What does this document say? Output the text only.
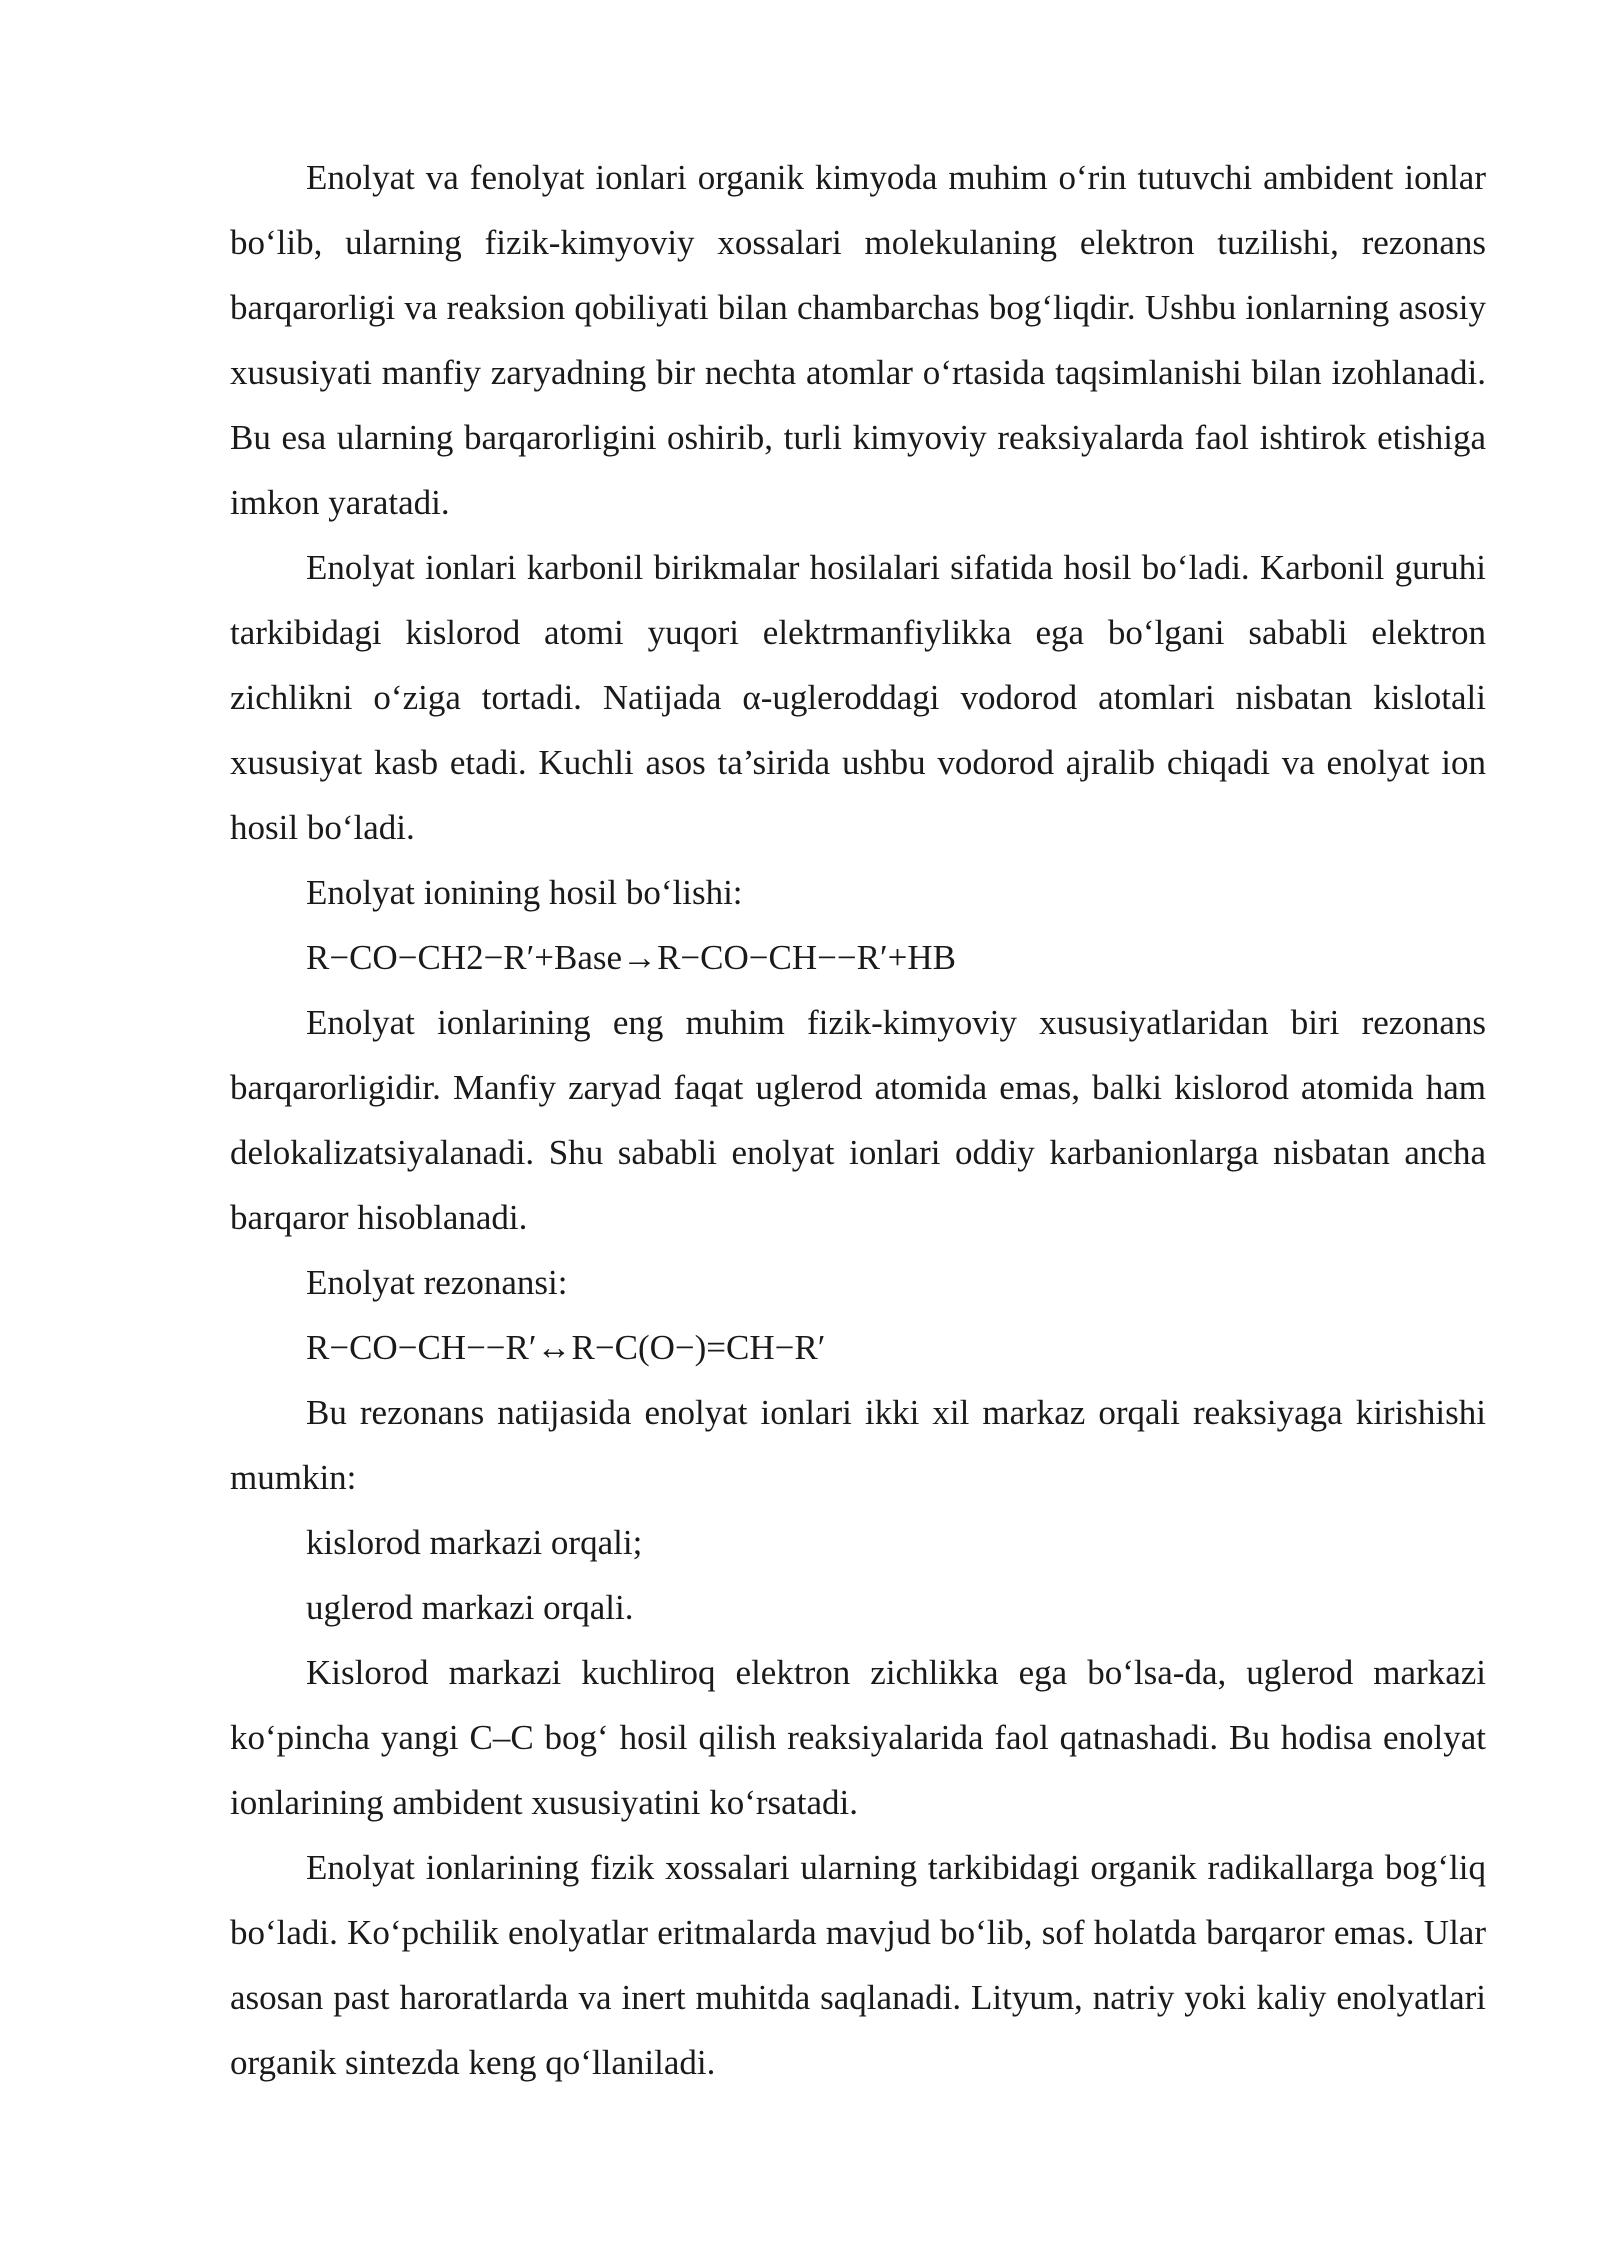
Enolyat va fenolyat ionlari organik kimyoda muhim o‘rin tutuvchi ambident ionlar bo‘lib, ularning fizik-kimyoviy xossalari molekulaning elektron tuzilishi, rezonans barqarorligi va reaksion qobiliyati bilan chambarchas bog‘liqdir. Ushbu ionlarning asosiy xususiyati manfiy zaryadning bir nechta atomlar o‘rtasida taqsimlanishi bilan izohlanadi. Bu esa ularning barqarorligini oshirib, turli kimyoviy reaksiyalarda faol ishtirok etishiga imkon yaratadi.

Enolyat ionlari karbonil birikmalar hosilalari sifatida hosil bo‘ladi. Karbonil guruhi tarkibidagi kislorod atomi yuqori elektrmanfiylikka ega bo‘lgani sababli elektron zichlikni o‘ziga tortadi. Natijada α-ugleroddagi vodorod atomlari nisbatan kislotali xususiyat kasb etadi. Kuchli asos ta’sirida ushbu vodorod ajralib chiqadi va enolyat ion hosil bo‘ladi.

Enolyat ionining hosil bo‘lishi:

R−CO−CH2−R′+Base→R−CO−CH−−R′+HB

Enolyat ionlarining eng muhim fizik-kimyoviy xususiyatlaridan biri rezonans barqarorligidir. Manfiy zaryad faqat uglerod atomida emas, balki kislorod atomida ham delokalizatsiyalanadi. Shu sababli enolyat ionlari oddiy karbanionlarga nisbatan ancha barqaror hisoblanadi.

Enolyat rezonansi:

R−CO−CH−−R′↔R−C(O−)=CH−R′

Bu rezonans natijasida enolyat ionlari ikki xil markaz orqali reaksiyaga kirishishi mumkin:

kislorod markazi orqali;

uglerod markazi orqali.

Kislorod markazi kuchliroq elektron zichlikka ega bo‘lsa-da, uglerod markazi ko‘pincha yangi C–C bog‘ hosil qilish reaksiyalarida faol qatnashadi. Bu hodisa enolyat ionlarining ambident xususiyatini ko‘rsatadi.

Enolyat ionlarining fizik xossalari ularning tarkibidagi organik radikallarga bog‘liq bo‘ladi. Ko‘pchilik enolyatlar eritmalarda mavjud bo‘lib, sof holatda barqaror emas. Ular asosan past haroratlarda va inert muhitda saqlanadi. Lityum, natriy yoki kaliy enolyatlari organik sintezda keng qo‘llaniladi.
